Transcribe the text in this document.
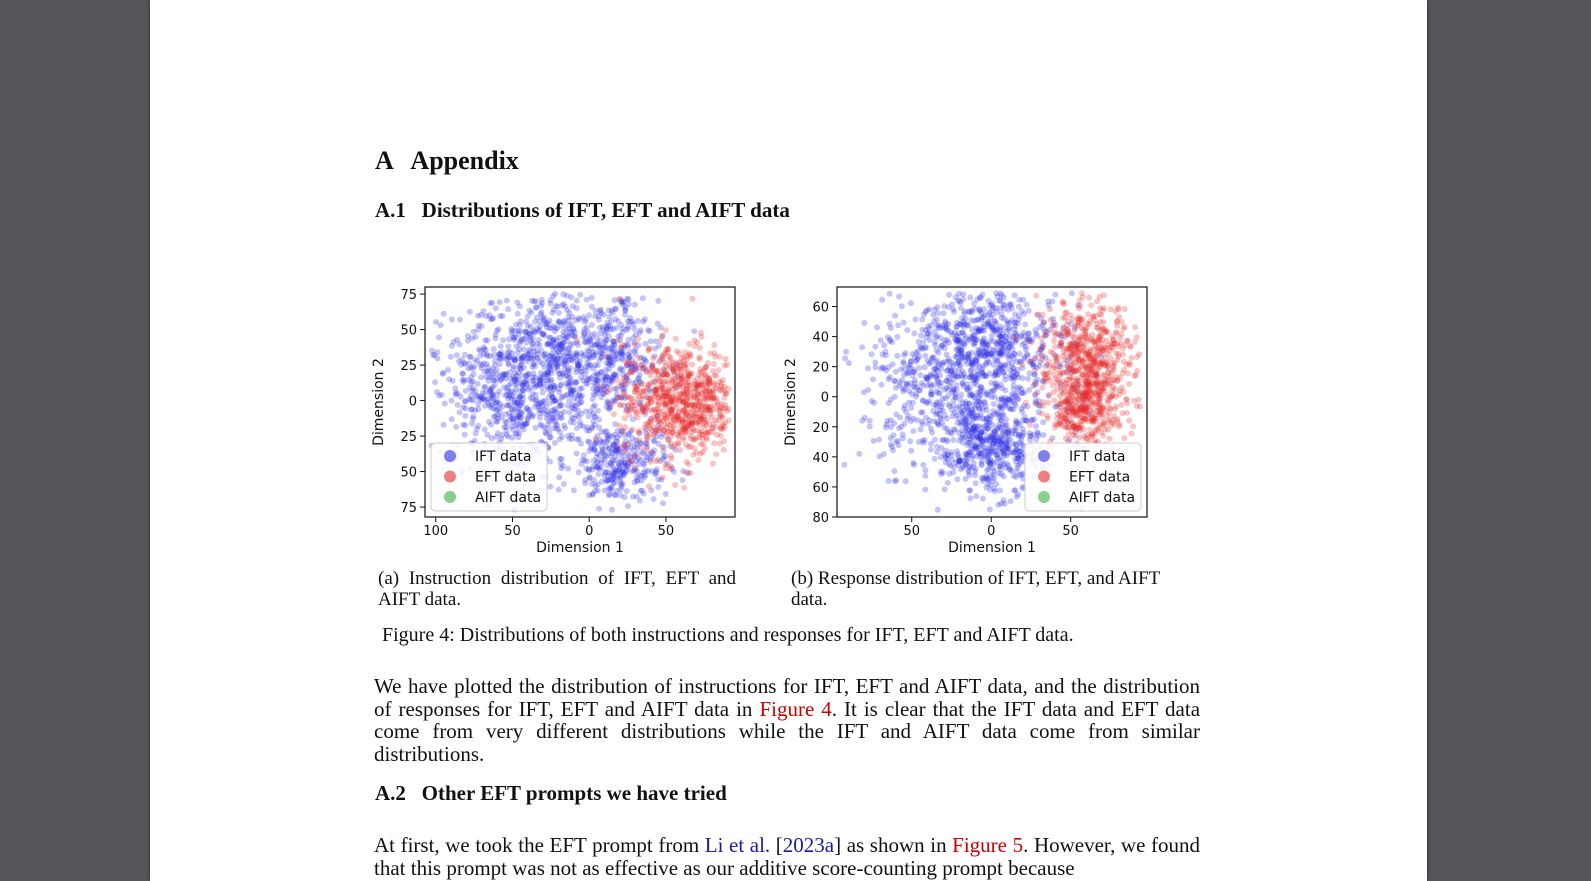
A Appendix
A.1 Distributions of IFT, EFT and AIFT data
100	50	0	50
75
50
25
0
25
50
75
Dimension 1
Dimension 2
IFT data
EFT data
AIFT data
50	0	50
60
40
20
0
20
40
60
80
Dimension 1
Dimension 2
IFT data
EFT data
AIFT data
(a) Instruction distribution of IFT, EFT and
AIFT data.
(b) Response distribution of IFT, EFT, and AIFT
data.
Figure 4: Distributions of both instructions and responses for IFT, EFT and AIFT data.
We have plotted the distribution of instructions for IFT, EFT and AIFT data, and the distribution of responses for IFT, EFT and AIFT data in Figure 4. It is clear that the IFT data and EFT data come from very different distributions while the IFT and AIFT data come from similar distributions.
A.2 Other EFT prompts we have tried
At first, we took the EFT prompt from Li et al. [2023a] as shown in Figure 5. However, we found that this prompt was not as effective as our additive score-counting prompt because
